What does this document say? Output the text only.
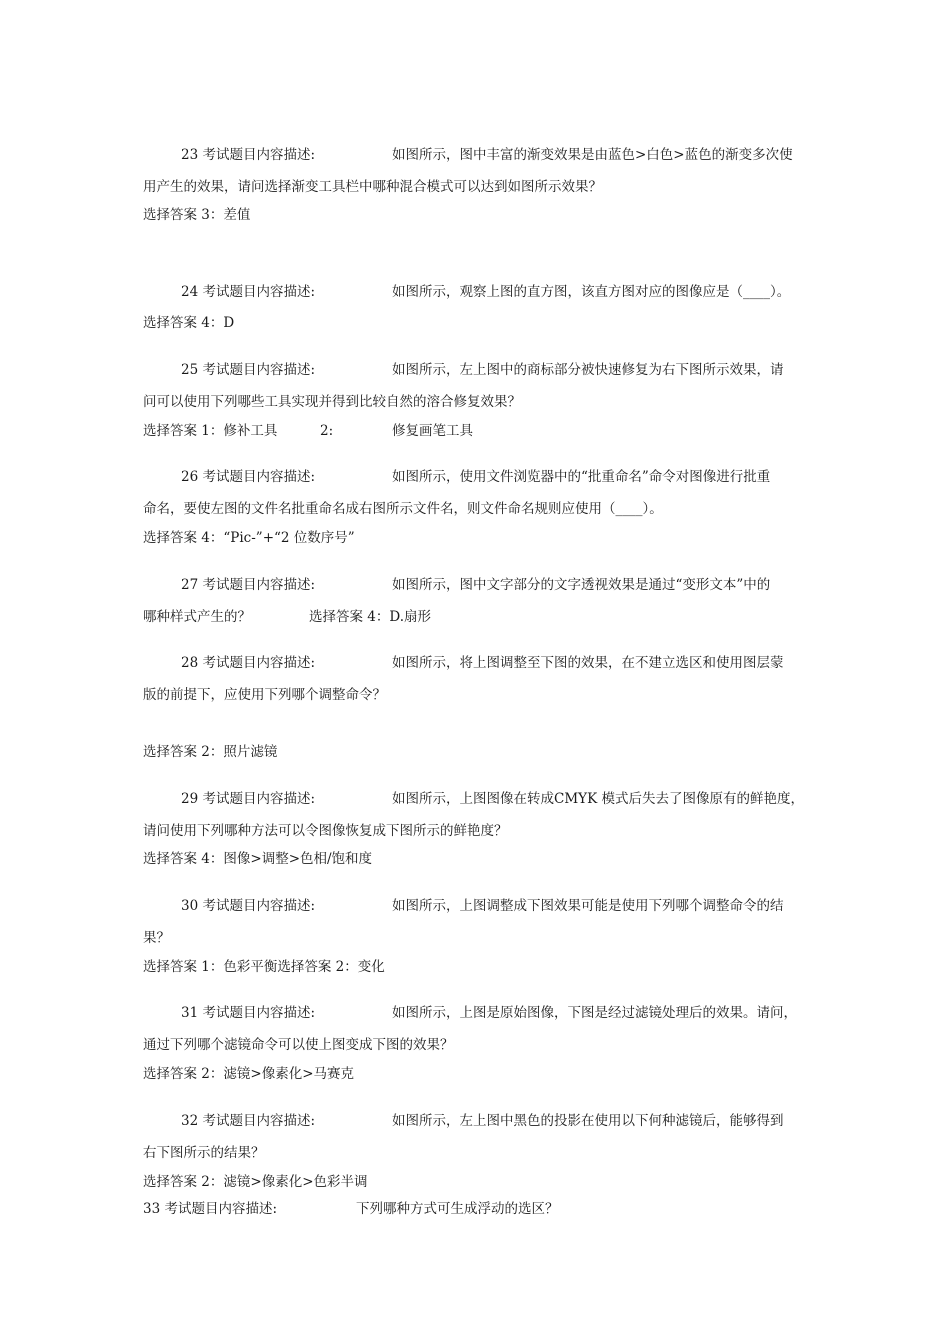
23 考试题目内容描述:	如图所示，图中丰富的渐变效果是由蓝色>白色>蓝色的渐变多次使
用产生的效果，请问选择渐变工具栏中哪种混合模式可以达到如图所示效果？
选择答案 3：差值
24 考试题目内容描述:	如图所示，观察上图的直方图，该直方图对应的图像应是（____）。
选择答案 4：D
25 考试题目内容描述:	如图所示，左上图中的商标部分被快速修复为右下图所示效果，请
问可以使用下列哪些工具实现并得到比较自然的溶合修复效果？
选择答案 1：修补工具	2:	修复画笔工具
26 考试题目内容描述:	如图所示，使用文件浏览器中的“批重命名”命令对图像进行批重
命名，要使左图的文件名批重命名成右图所示文件名，则文件命名规则应使用（____）。
选择答案 4：“Pic-”+“2 位数序号”
27 考试题目内容描述:	如图所示，图中文字部分的文字透视效果是通过“变形文本”中的
哪种样式产生的？	选择答案 4：D.扇形
28 考试题目内容描述:	如图所示，将上图调整至下图的效果，在不建立选区和使用图层蒙
版的前提下，应使用下列哪个调整命令？
选择答案 2：照片滤镜
29 考试题目内容描述:	如图所示，上图图像在转成CMYK 模式后失去了图像原有的鲜艳度，
请问使用下列哪种方法可以令图像恢复成下图所示的鲜艳度？
选择答案 4：图像>调整>色相/饱和度
30 考试题目内容描述:	如图所示，上图调整成下图效果可能是使用下列哪个调整命令的结
果？
选择答案 1：色彩平衡选择答案 2：变化
31 考试题目内容描述:	如图所示，上图是原始图像，下图是经过滤镜处理后的效果。请问，
通过下列哪个滤镜命令可以使上图变成下图的效果？
选择答案 2：滤镜>像素化>马赛克
32 考试题目内容描述:	如图所示，左上图中黑色的投影在使用以下何种滤镜后，能够得到
右下图所示的结果？
选择答案 2：滤镜>像素化>色彩半调
33 考试题目内容描述:	下列哪种方式可生成浮动的选区？
